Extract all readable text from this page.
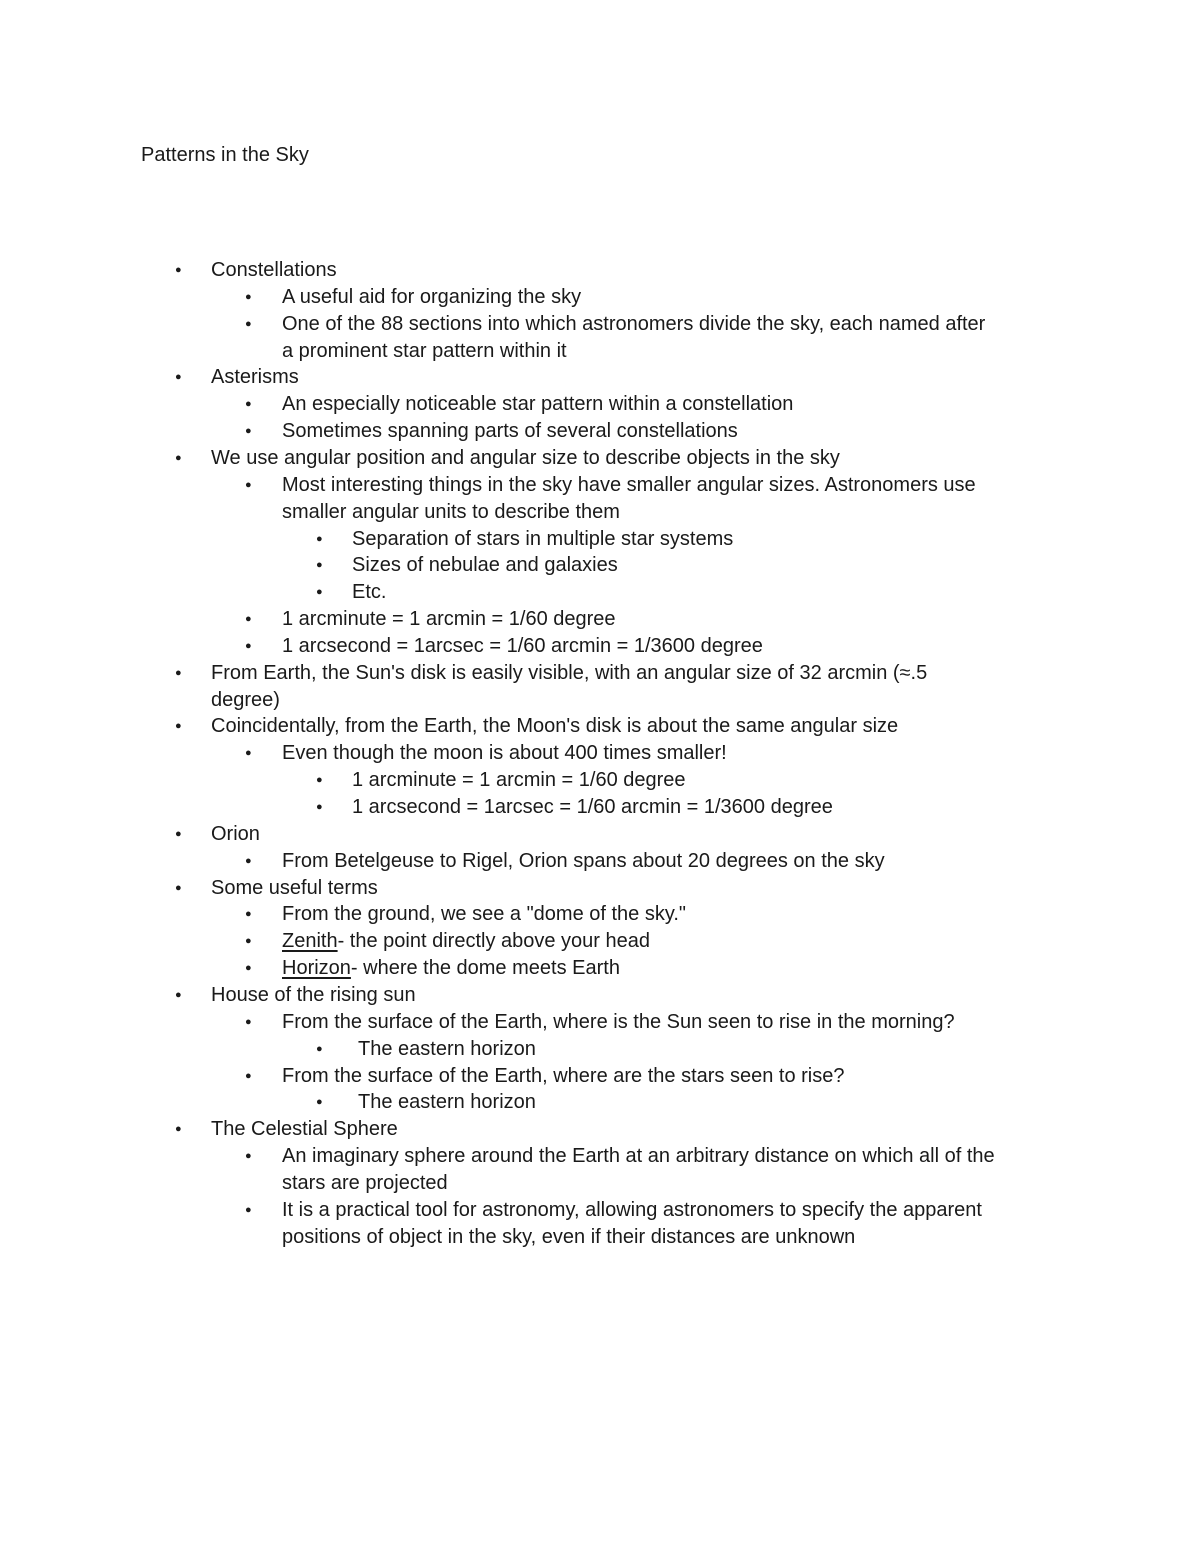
Patterns in the Sky
● Constellations
● A useful aid for organizing the sky
● One of the 88 sections into which astronomers divide the sky, each named after
a prominent star pattern within it
● Asterisms
● An especially noticeable star pattern within a constellation
● Sometimes spanning parts of several constellations
● We use angular position and angular size to describe objects in the sky
● Most interesting things in the sky have smaller angular sizes. Astronomers use
smaller angular units to describe them
● Separation of stars in multiple star systems
● Sizes of nebulae and galaxies
● Etc.
● 1 arcminute = 1 arcmin = 1/60 degree
● 1 arcsecond = 1arcsec = 1/60 arcmin = 1/3600 degree
● From Earth, the Sun's disk is easily visible, with an angular size of 32 arcmin (≈.5
degree)
● Coincidentally, from the Earth, the Moon's disk is about the same angular size
● Even though the moon is about 400 times smaller!
● 1 arcminute = 1 arcmin = 1/60 degree
● 1 arcsecond = 1arcsec = 1/60 arcmin = 1/3600 degree
● Orion
● From Betelgeuse to Rigel, Orion spans about 20 degrees on the sky
● Some useful terms
● From the ground, we see a "dome of the sky."
● Zenith- the point directly above your head
● Horizon- where the dome meets Earth
● House of the rising sun
● From the surface of the Earth, where is the Sun seen to rise in the morning?
● The eastern horizon
● From the surface of the Earth, where are the stars seen to rise?
● The eastern horizon
● The Celestial Sphere
● An imaginary sphere around the Earth at an arbitrary distance on which all of the
stars are projected
● It is a practical tool for astronomy, allowing astronomers to specify the apparent
positions of object in the sky, even if their distances are unknown
